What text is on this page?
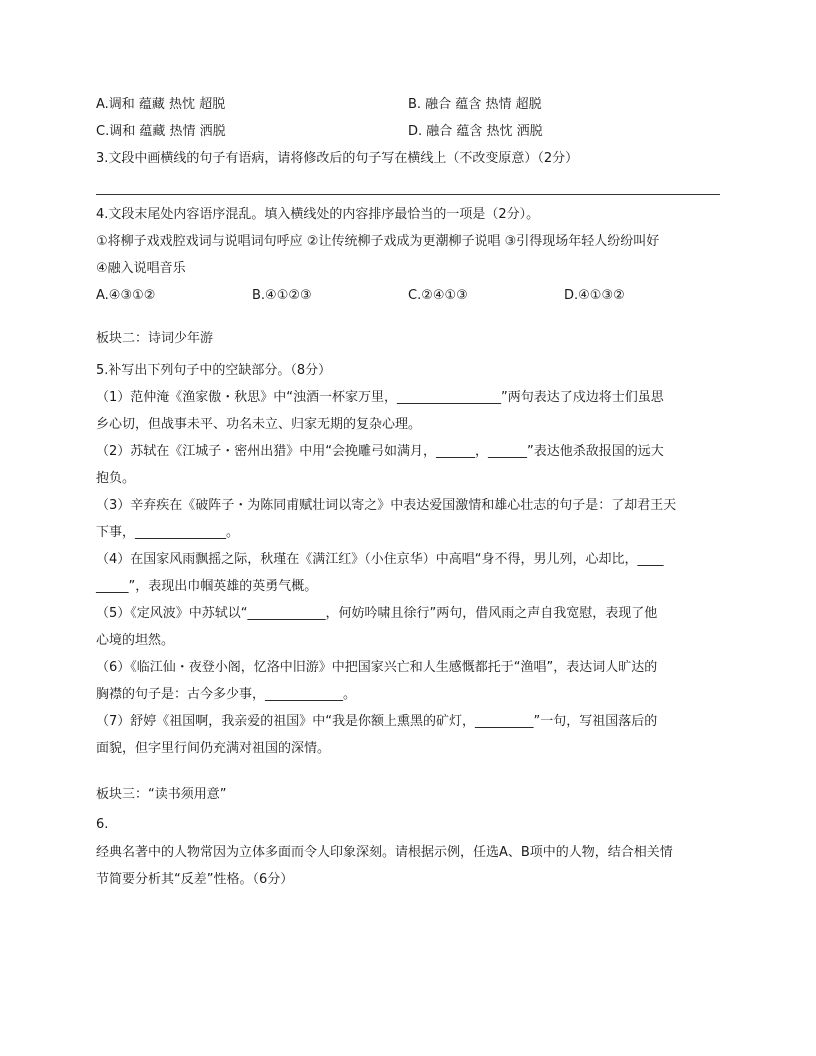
A.调和 蕴藏 热忱 超脱	B. 融合 蕴含 热情 超脱
C.调和 蕴藏 热情 洒脱	D. 融合 蕴含 热忱 洒脱
3.文段中画横线的句子有语病，请将修改后的句子写在横线上（不改变原意）（2分）
4.文段末尾处内容语序混乱。填入横线处的内容排序最恰当的一项是（2分）。
①将柳子戏戏腔戏词与说唱词句呼应 ②让传统柳子戏成为更潮柳子说唱 ③引得现场年轻人纷纷叫好
④融入说唱音乐
A.④③①②	B.④①②③	C.②④①③	D.④①③②
板块二：诗词少年游
5.补写出下列句子中的空缺部分。（8分）
（1）范仲淹《渔家傲・秋思》中“浊酒一杯家万里，________________”两句表达了戍边将士们虽思
乡心切，但战事未平、功名未立、归家无期的复杂心理。
（2）苏轼在《江城子・密州出猎》中用“会挽雕弓如满月，______，______”表达他杀敌报国的远大
抱负。
（3）辛弃疾在《破阵子・为陈同甫赋壮词以寄之》中表达爱国激情和雄心壮志的句子是：了却君王天
下事，______________。
（4）在国家风雨飘摇之际，秋瑾在《满江红》（小住京华）中高唱“身不得，男儿列，心却比，____
_____”，表现出巾帼英雄的英勇气概。
（5）《定风波》中苏轼以“____________，何妨吟啸且徐行”两句，借风雨之声自我宽慰，表现了他
心境的坦然。
（6）《临江仙・夜登小阁，忆洛中旧游》中把国家兴亡和人生感慨都托于“渔唱”，表达词人旷达的
胸襟的句子是：古今多少事，____________。
（7）舒婷《祖国啊，我亲爱的祖国》中“我是你额上熏黑的矿灯，_________”一句，写祖国落后的
面貌，但字里行间仍充满对祖国的深情。
板块三：“读书须用意”
6.
经典名著中的人物常因为立体多面而令人印象深刻。请根据示例，任选A、B项中的人物，结合相关情
节简要分析其“反差”性格。（6分）
